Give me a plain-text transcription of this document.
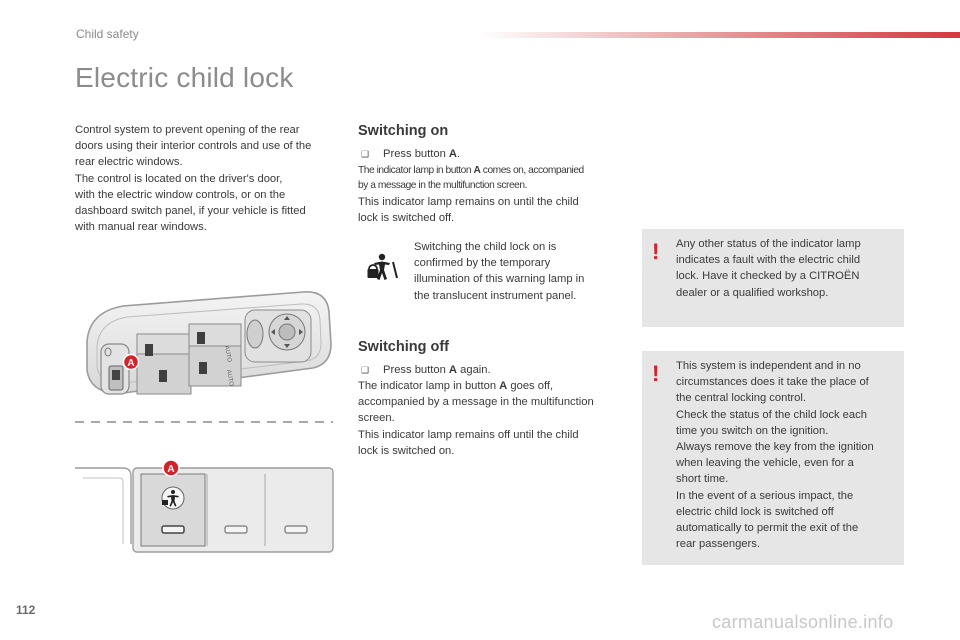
Child safety
Electric child lock
Control system to prevent opening of the rear
doors using their interior controls and use of the
rear electric windows.
The control is located on the driver's door,
with the electric window controls, or on the
dashboard switch panel, if your vehicle is fitted
with manual rear windows.
Switching on
❑ Press button A.
The indicator lamp in button A comes on, accompanied
by a message in the multifunction screen.
This indicator lamp remains on until the child
lock is switched off.
Switching the child lock on is
confirmed by the temporary
illumination of this warning lamp in
the translucent instrument panel.
Switching off
❑ Press button A again.
The indicator lamp in button A goes off,
accompanied by a message in the multifunction
screen.
This indicator lamp remains off until the child
lock is switched on.
! Any other status of the indicator lamp
indicates a fault with the electric child
lock. Have it checked by a CITROËN
dealer or a qualified workshop.
! This system is independent and in no
circumstances does it take the place of
the central locking control.
Check the status of the child lock each
time you switch on the ignition.
Always remove the key from the ignition
when leaving the vehicle, even for a
short time.
In the event of a serious impact, the
electric child lock is switched off
automatically to permit the exit of the
rear passengers.
AUTO
AUTO
A
A
112
carmanualsonline.info
